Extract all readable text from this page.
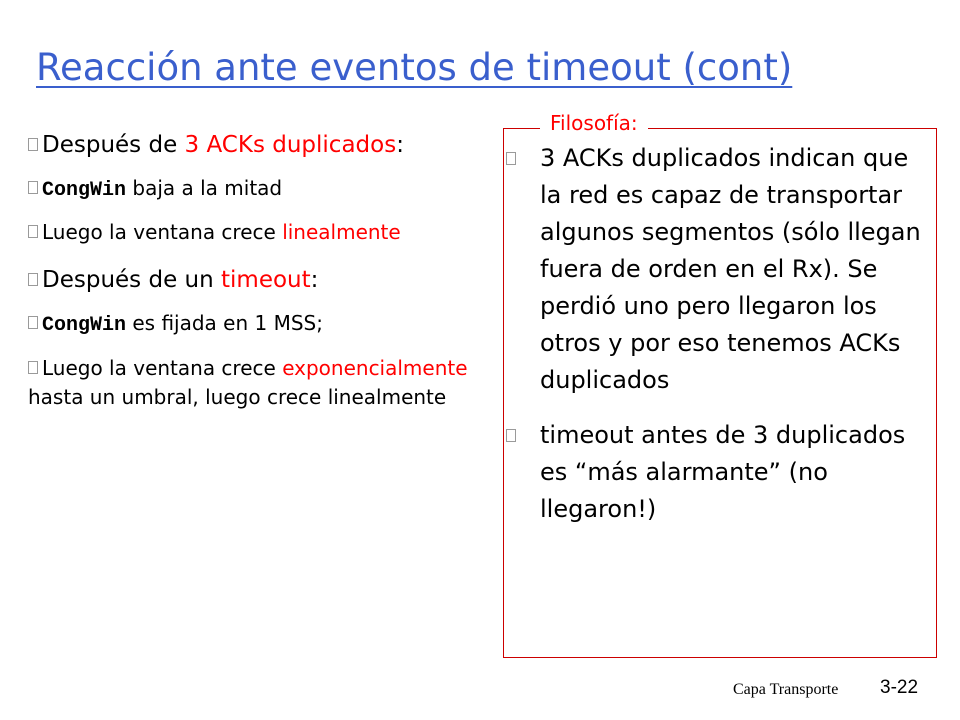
Reacción ante eventos de timeout (cont)

Después de 3 ACKs duplicados:

CongWin baja a la mitad

Luego la ventana crece linealmente

Después de un timeout:

CongWin es fijada en 1 MSS;

Luego la ventana crece exponencialmente hasta un umbral, luego crece linealmente

Filosofía:
3 ACKs duplicados indican que la red es capaz de transportar algunos segmentos (sólo llegan fuera de orden en el Rx). Se perdió uno pero llegaron los otros y por eso tenemos ACKs duplicados
timeout antes de 3 duplicados es “más alarmante” (no llegaron!)
Capa Transporte 3-22
